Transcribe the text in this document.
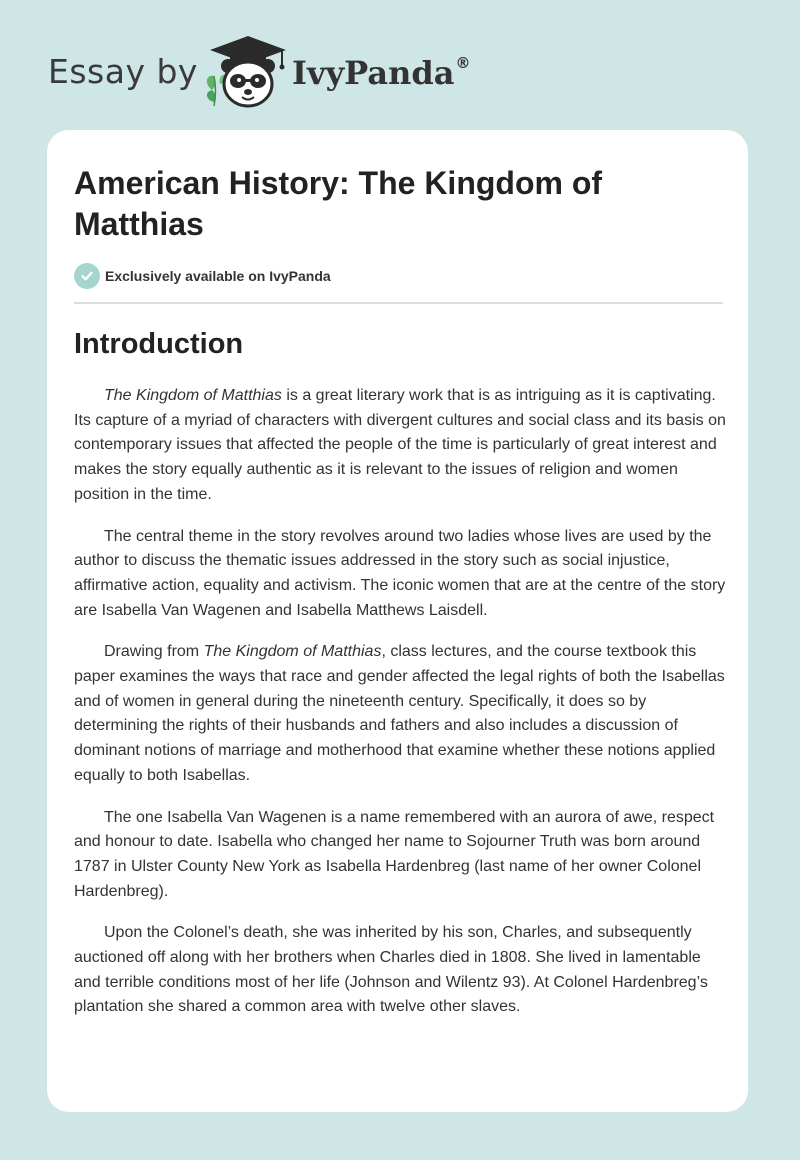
Essay by	IvyPanda®
American History: The Kingdom of Matthias
Exclusively available on IvyPanda
Introduction

The Kingdom of Matthias is a great literary work that is as intriguing as it is captivating. Its capture of a myriad of characters with divergent cultures and social class and its basis on contemporary issues that affected the people of the time is particularly of great interest and makes the story equally authentic as it is relevant to the issues of religion and women position in the time.

The central theme in the story revolves around two ladies whose lives are used by the author to discuss the thematic issues addressed in the story such as social injustice, affirmative action, equality and activism. The iconic women that are at the centre of the story are Isabella Van Wagenen and Isabella Matthews Laisdell.

Drawing from The Kingdom of Matthias, class lectures, and the course textbook this paper examines the ways that race and gender affected the legal rights of both the Isabellas and of women in general during the nineteenth century. Specifically, it does so by determining the rights of their husbands and fathers and also includes a discussion of dominant notions of marriage and motherhood that examine whether these notions applied equally to both Isabellas.

The one Isabella Van Wagenen is a name remembered with an aurora of awe, respect and honour to date. Isabella who changed her name to Sojourner Truth was born around 1787 in Ulster County New York as Isabella Hardenbreg (last name of her owner Colonel Hardenbreg).

Upon the Colonel’s death, she was inherited by his son, Charles, and subsequently auctioned off along with her brothers when Charles died in 1808. She lived in lamentable and terrible conditions most of her life (Johnson and Wilentz 93). At Colonel Hardenbreg’s plantation she shared a common area with twelve other slaves.
